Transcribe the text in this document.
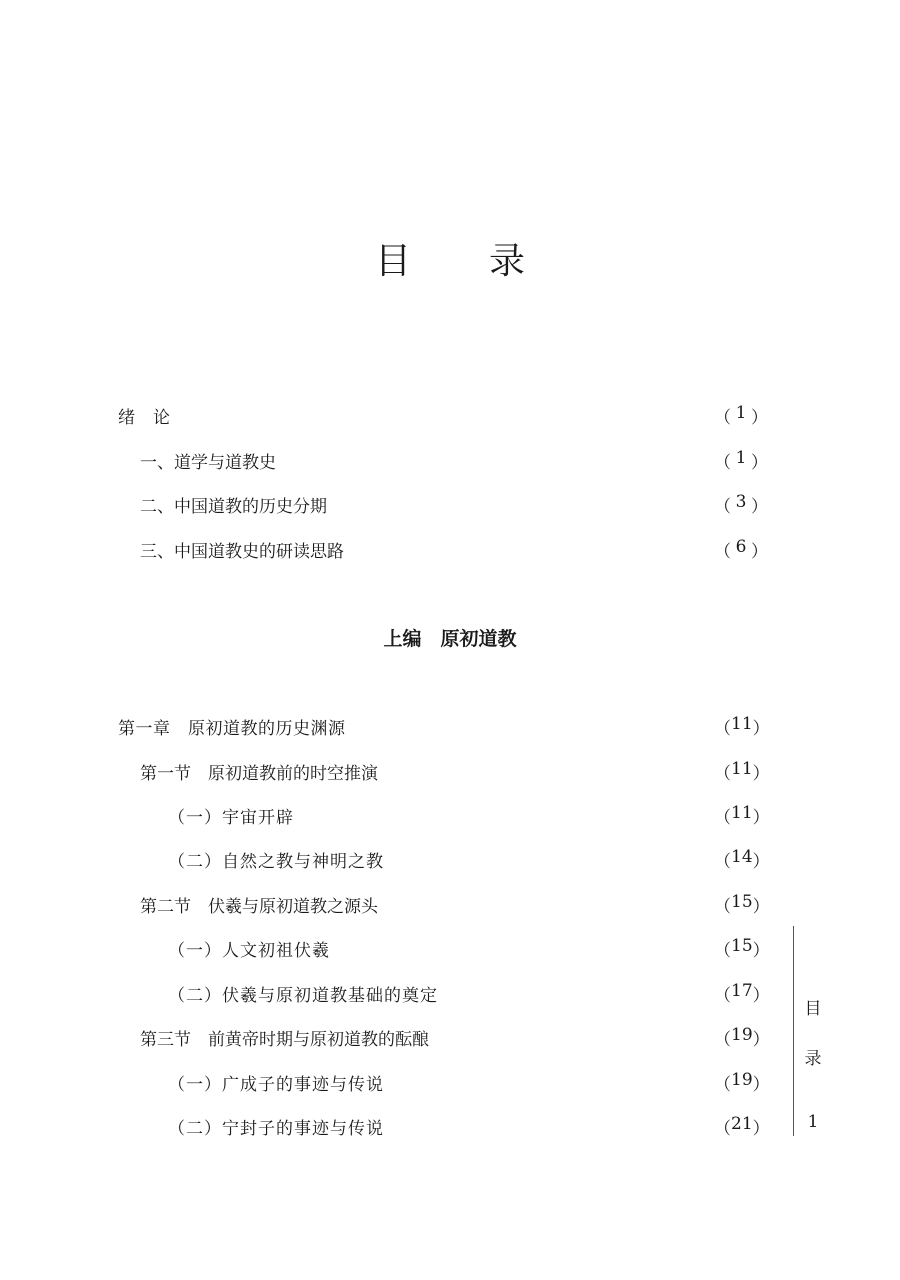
目 录
绪　论	（ 1 ）
一、道学与道教史	（ 1 ）
二、中国道教的历史分期	（ 3 ）
三、中国道教史的研读思路	（ 6 ）
第一章　原初道教的历史渊源	（ 11 ）
第一节　原初道教前的时空推演	（ 11 ）
（一）宇宙开辟	（ 11 ）
（二）自然之教与神明之教	（ 14 ）
第二节　伏羲与原初道教之源头	（ 15 ）
（一）人文初祖伏羲	（ 15 ）
（二）伏羲与原初道教基础的奠定	（ 17 ）
第三节　前黄帝时期与原初道教的酝酿	（ 19 ）
（一）广成子的事迹与传说	（ 19 ）
（二）宁封子的事迹与传说	（ 21 ）
上编　原初道教
目
录
1
